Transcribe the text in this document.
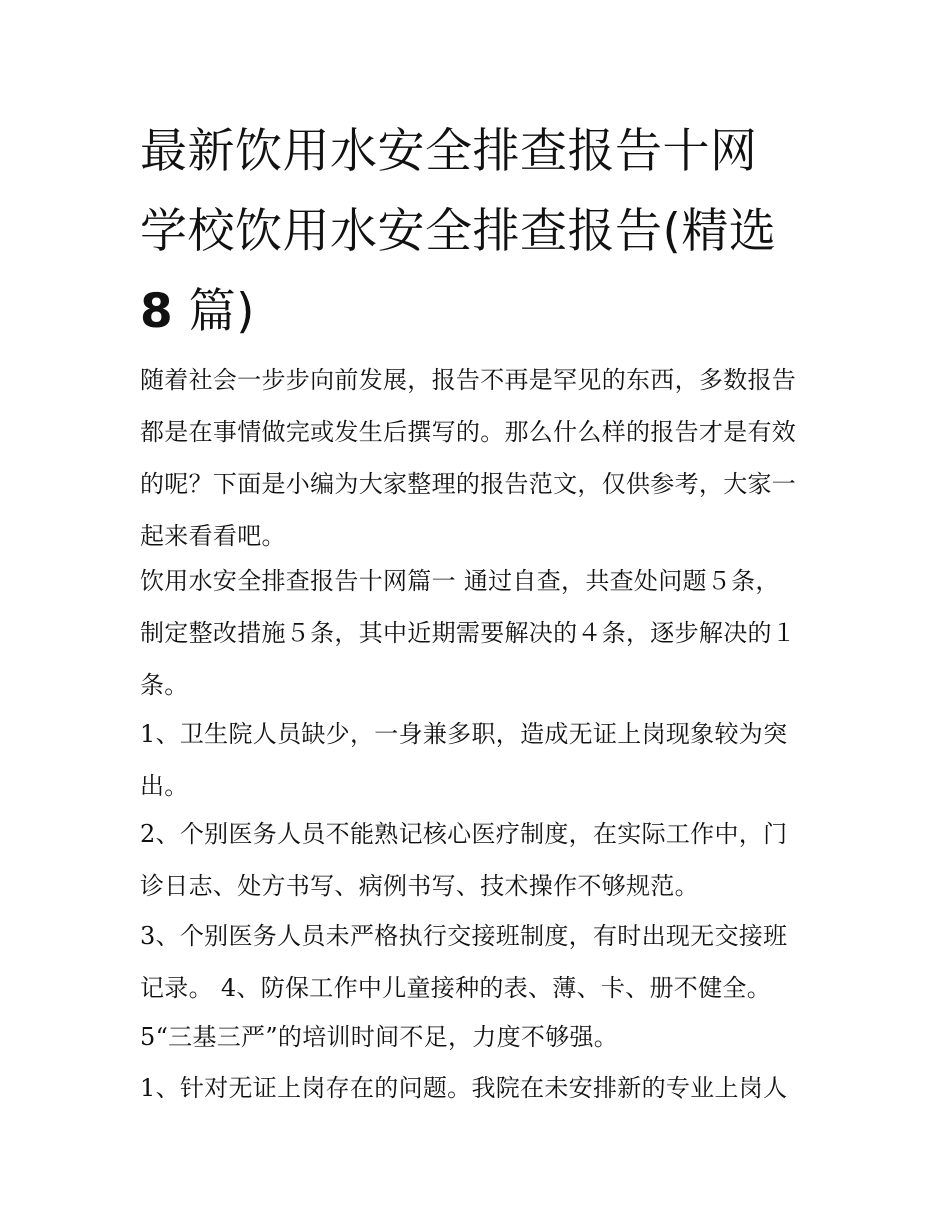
最新饮用水安全排查报告十网
学校饮用水安全排查报告(精选
8 篇)

随着社会一步步向前发展，报告不再是罕见的东西，多数报告
都是在事情做完或发生后撰写的。那么什么样的报告才是有效
的呢？下面是小编为大家整理的报告范文，仅供参考，大家一
起来看看吧。

饮用水安全排查报告十网篇一 通过自查，共查处问题５条，
制定整改措施５条，其中近期需要解决的４条，逐步解决的１
条。

1、卫生院人员缺少，一身兼多职，造成无证上岗现象较为突
出。

2、个别医务人员不能熟记核心医疗制度，在实际工作中，门
诊日志、处方书写、病例书写、技术操作不够规范。

3、个别医务人员未严格执行交接班制度，有时出现无交接班
记录。 4、防保工作中儿童接种的表、薄、卡、册不健全。

5“三基三严”的培训时间不足，力度不够强。

1、针对无证上岗存在的问题。我院在未安排新的专业上岗人
